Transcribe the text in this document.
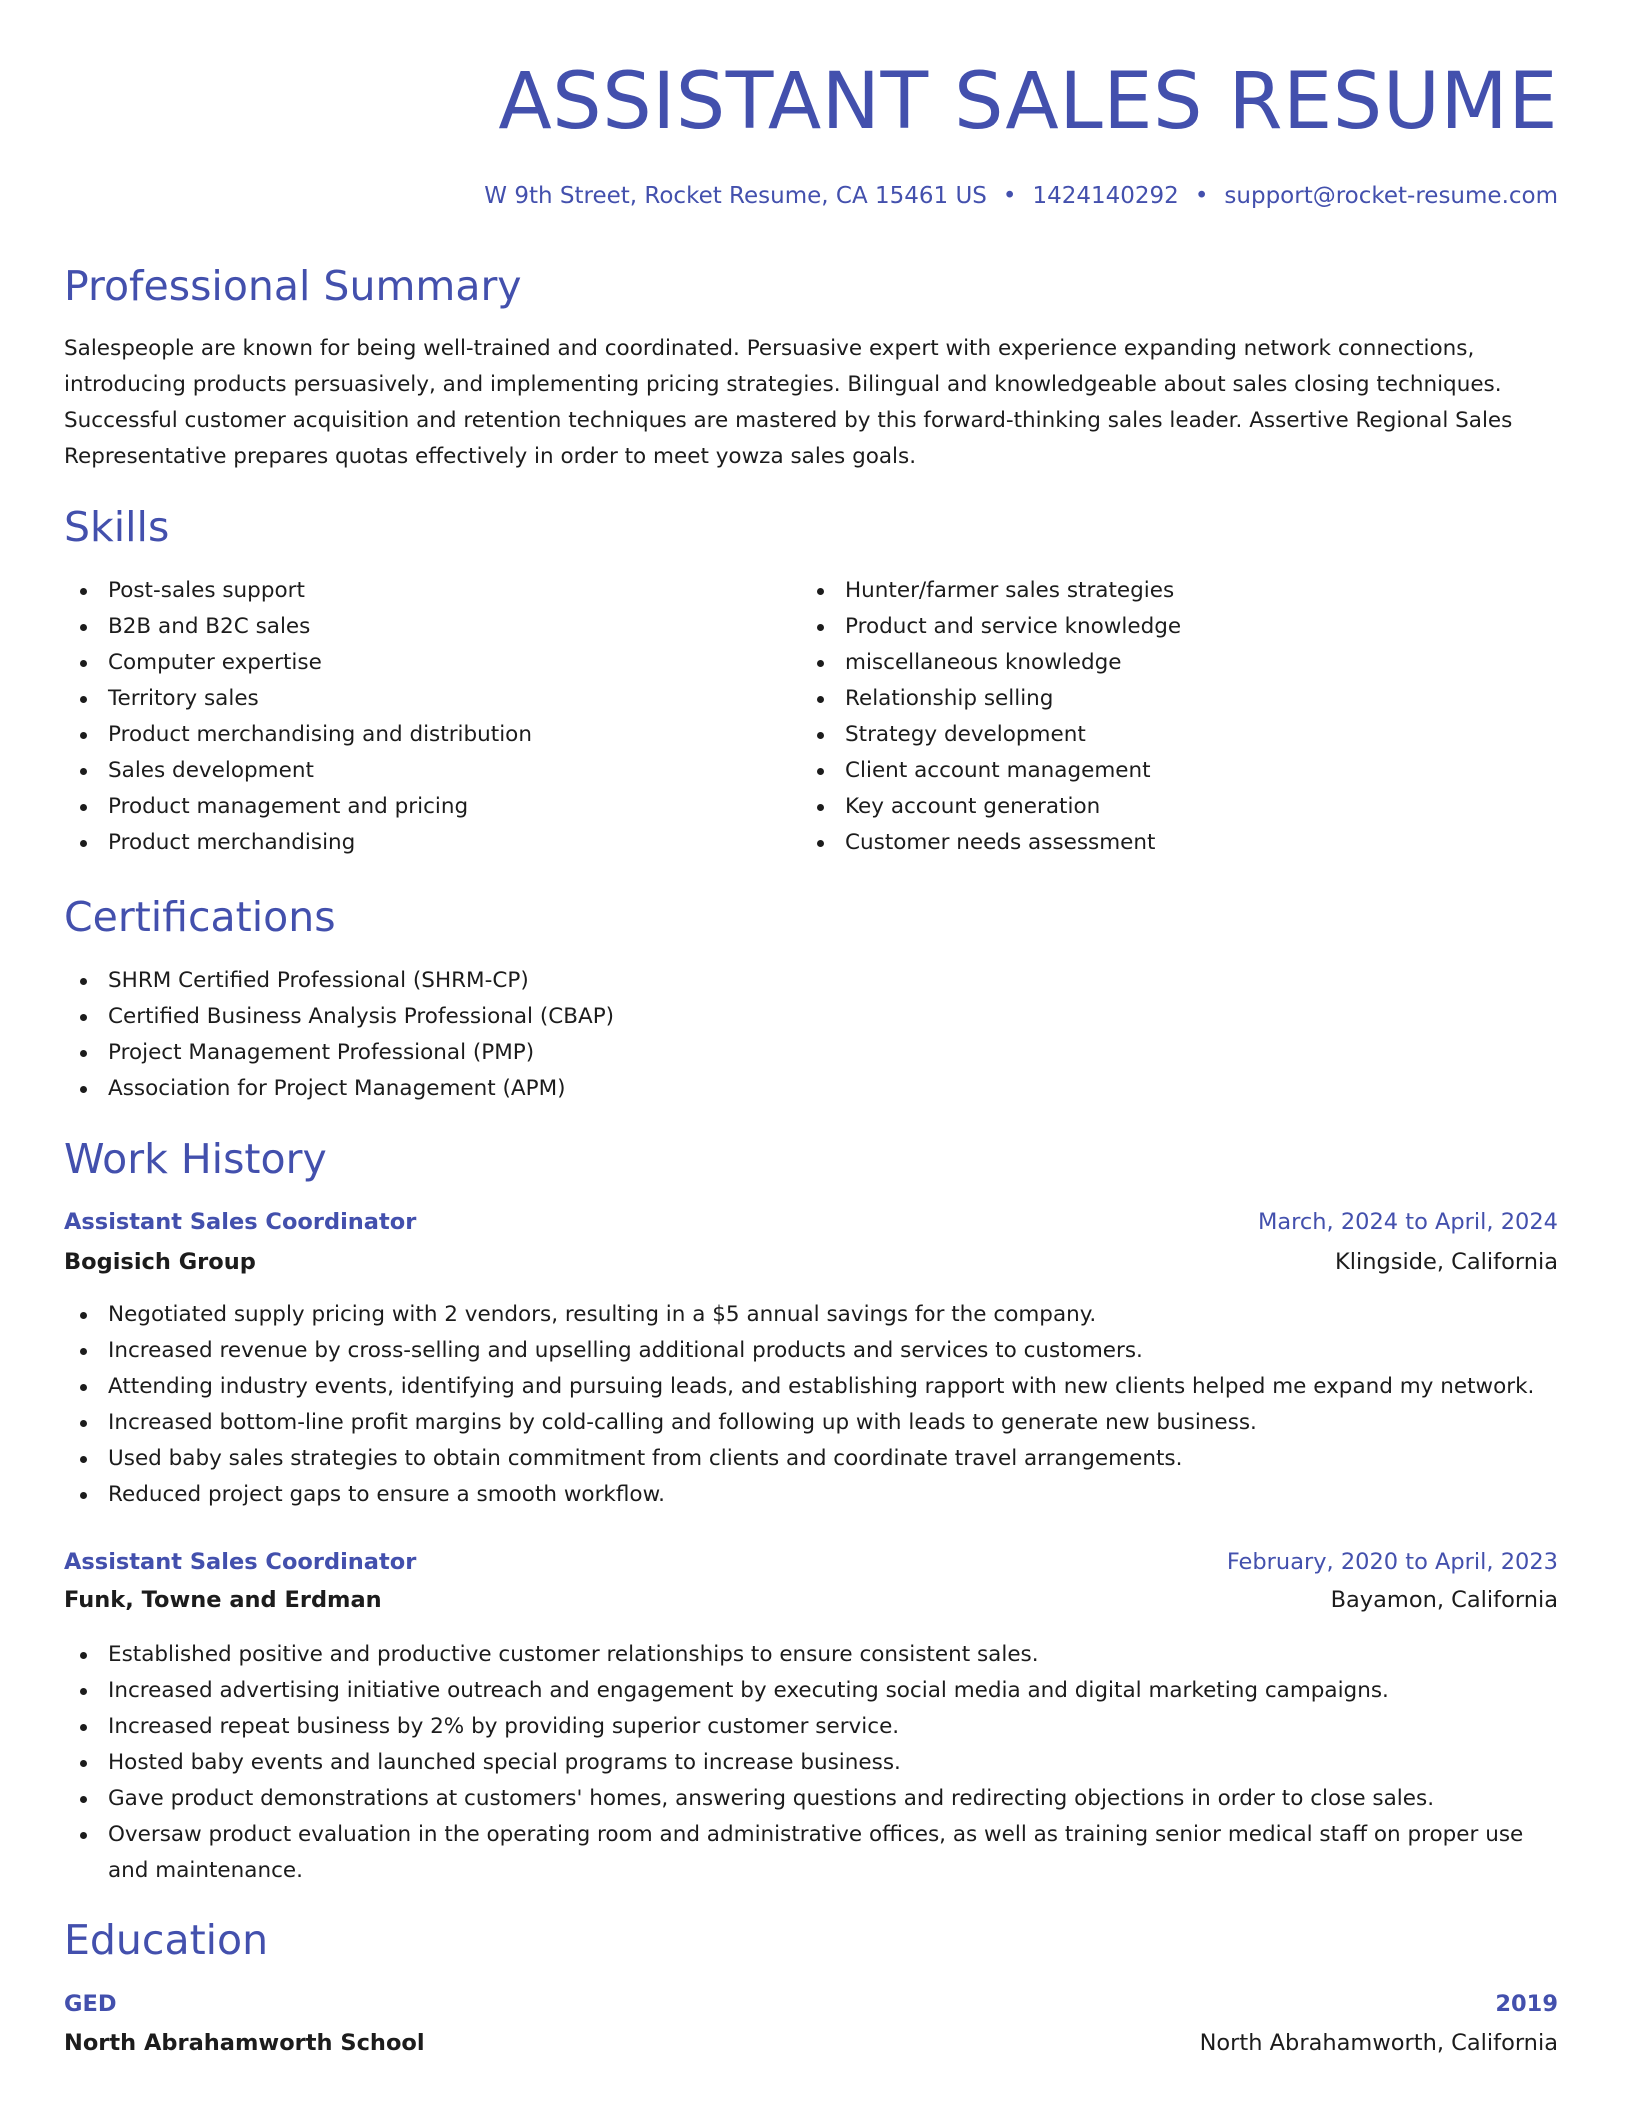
ASSISTANT SALES RESUME
W 9th Street, Rocket Resume, CA 15461 US • 1424140292 • support@rocket-resume.com
Professional Summary

Salespeople are known for being well-trained and coordinated. Persuasive expert with experience expanding network connections, introducing products persuasively, and implementing pricing strategies. Bilingual and knowledgeable about sales closing techniques. Successful customer acquisition and retention techniques are mastered by this forward-thinking sales leader. Assertive Regional Sales Representative prepares quotas effectively in order to meet yowza sales goals.

Skills
Post-sales support
B2B and B2C sales
Computer expertise
Territory sales
Product merchandising and distribution
Sales development
Product management and pricing
Product merchandising
Hunter/farmer sales strategies
Product and service knowledge
miscellaneous knowledge
Relationship selling
Strategy development
Client account management
Key account generation
Customer needs assessment
Certifications
SHRM Certified Professional (SHRM-CP)
Certified Business Analysis Professional (CBAP)
Project Management Professional (PMP)
Association for Project Management (APM)
Work History
Assistant Sales Coordinator	March, 2024 to April, 2024
Bogisich Group	Klingside, California
Negotiated supply pricing with 2 vendors, resulting in a $5 annual savings for the company.
Increased revenue by cross-selling and upselling additional products and services to customers.
Attending industry events, identifying and pursuing leads, and establishing rapport with new clients helped me expand my network.
Increased bottom-line profit margins by cold-calling and following up with leads to generate new business.
Used baby sales strategies to obtain commitment from clients and coordinate travel arrangements.
Reduced project gaps to ensure a smooth workflow.
Assistant Sales Coordinator	February, 2020 to April, 2023
Funk, Towne and Erdman	Bayamon, California
Established positive and productive customer relationships to ensure consistent sales.
Increased advertising initiative outreach and engagement by executing social media and digital marketing campaigns.
Increased repeat business by 2% by providing superior customer service.
Hosted baby events and launched special programs to increase business.
Gave product demonstrations at customers' homes, answering questions and redirecting objections in order to close sales.
Oversaw product evaluation in the operating room and administrative offices, as well as training senior medical staff on proper use and maintenance.
Education
GED	2019
North Abrahamworth School	North Abrahamworth, California
